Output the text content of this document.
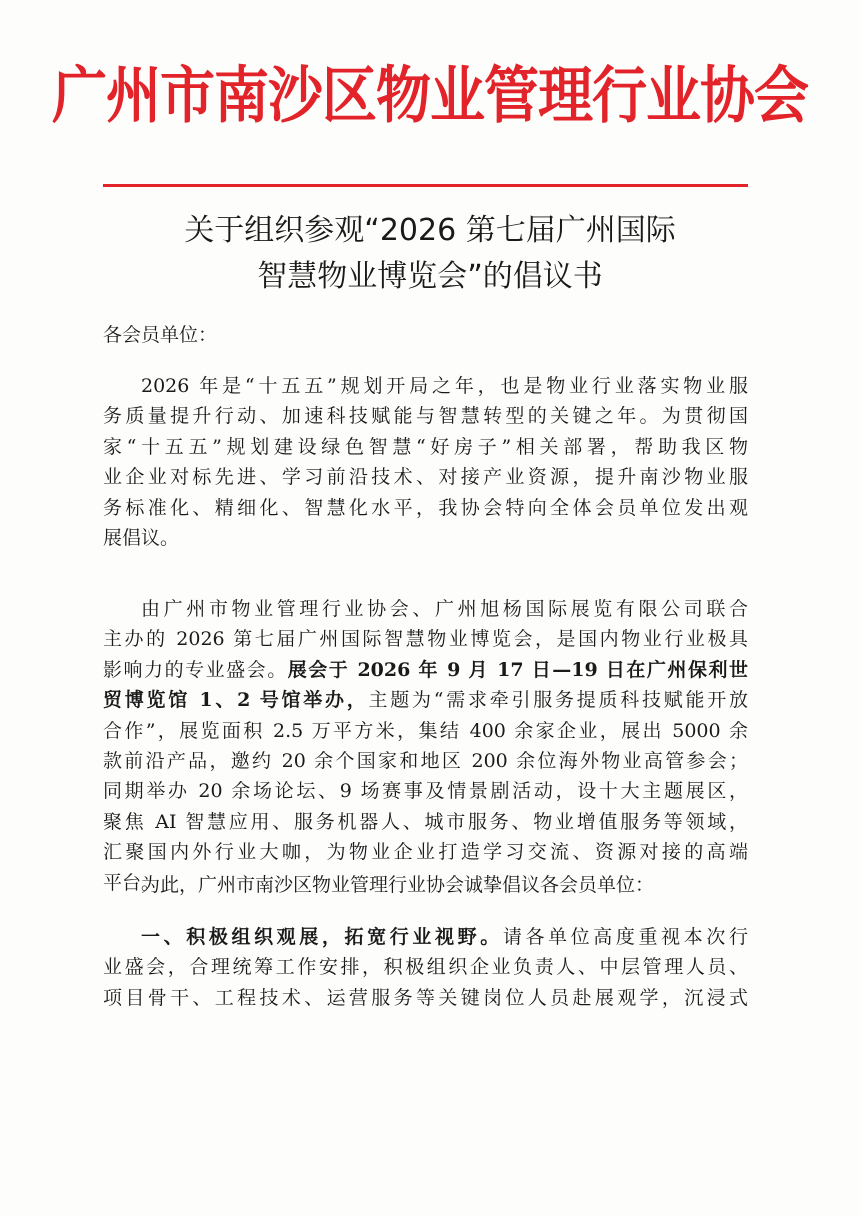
广州市南沙区物业管理行业协会
关于组织参观“2026 第七届广州国际
智慧物业博览会”的倡议书
各会员单位：
2026 年是“十五五”规划开局之年，也是物业行业落实物业服
务质量提升行动、加速科技赋能与智慧转型的关键之年。为贯彻国
家“十五五”规划建设绿色智慧“好房子”相关部署，帮助我区物
业企业对标先进、学习前沿技术、对接产业资源，提升南沙物业服
务标准化、精细化、智慧化水平，我协会特向全体会员单位发出观
展倡议。
由广州市物业管理行业协会、广州旭杨国际展览有限公司联合
主办的 2026 第七届广州国际智慧物业博览会，是国内物业行业极具
影响力的专业盛会。展会于 2026 年 9 月 17 日—19 日在广州保利世
贸博览馆 1、2 号馆举办，主题为“需求牵引服务提质科技赋能开放
合作”，展览面积 2.5 万平方米，集结 400 余家企业，展出 5000 余
款前沿产品，邀约 20 余个国家和地区 200 余位海外物业高管参会；
同期举办 20 余场论坛、9 场赛事及情景剧活动，设十大主题展区，
聚焦 AI 智慧应用、服务机器人、城市服务、物业增值服务等领域，
汇聚国内外行业大咖，为物业企业打造学习交流、资源对接的高端
平台。
为此，广州市南沙区物业管理行业协会诚挚倡议各会员单位：
一、积极组织观展，拓宽行业视野。请各单位高度重视本次行
业盛会，合理统筹工作安排，积极组织企业负责人、中层管理人员、
项目骨干、工程技术、运营服务等关键岗位人员赴展观学，沉浸式
